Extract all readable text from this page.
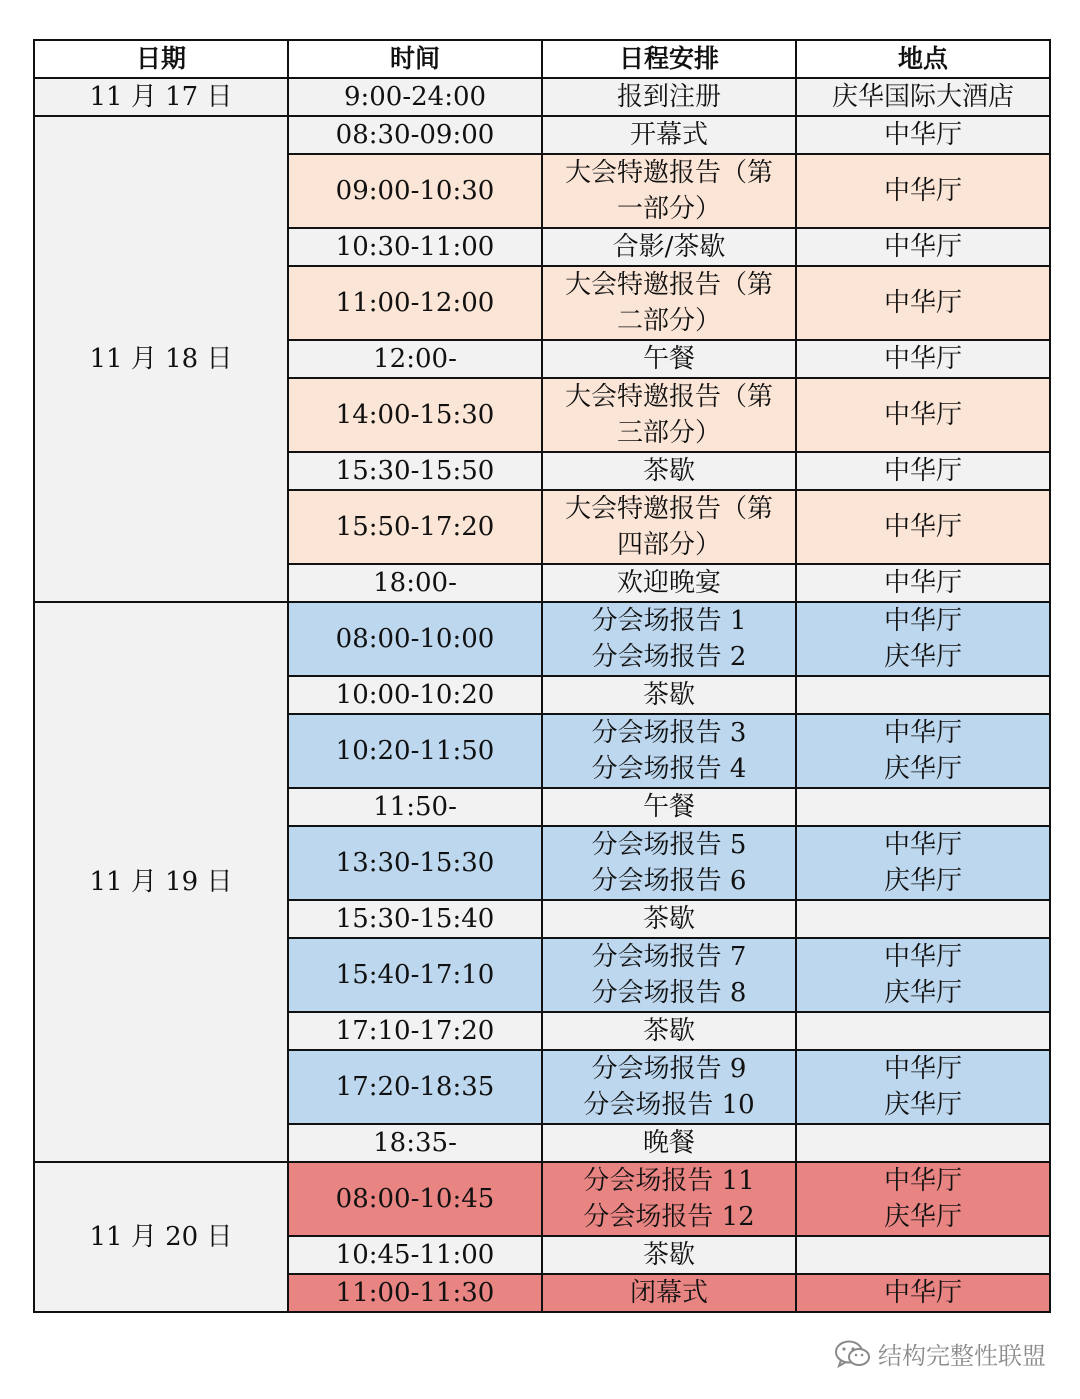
日期	时间	日程安排	地点
11 月 17 日	9:00-24:00	报到注册	庆华国际大酒店

11 月 18 日	08:30-09:00	开幕式	中华厅

	09:00-10:30	大会特邀报告（第
一部分）	中华厅

	10:30-11:00	合影/茶歇	中华厅

	11:00-12:00	大会特邀报告（第
二部分）	中华厅

	12:00-	午餐	中华厅

	14:00-15:30	大会特邀报告（第
三部分）	中华厅

	15:30-15:50	茶歇	中华厅

	15:50-17:20	大会特邀报告（第
四部分）	中华厅

	18:00-	欢迎晚宴	中华厅

11 月 19 日	08:00-10:00	分会场报告 1
分会场报告 2	中华厅
庆华厅

	10:00-10:20	茶歇	

	10:20-11:50	分会场报告 3
分会场报告 4	中华厅
庆华厅

	11:50-	午餐	

	13:30-15:30	分会场报告 5
分会场报告 6	中华厅
庆华厅

	15:30-15:40	茶歇	

	15:40-17:10	分会场报告 7
分会场报告 8	中华厅
庆华厅

	17:10-17:20	茶歇	

	17:20-18:35	分会场报告 9
分会场报告 10	中华厅
庆华厅

	18:35-	晚餐	

11 月 20 日	08:00-10:45	分会场报告 11
分会场报告 12	中华厅
庆华厅

	10:45-11:00	茶歇	

	11:00-11:30	闭幕式	中华厅
结构完整性联盟
